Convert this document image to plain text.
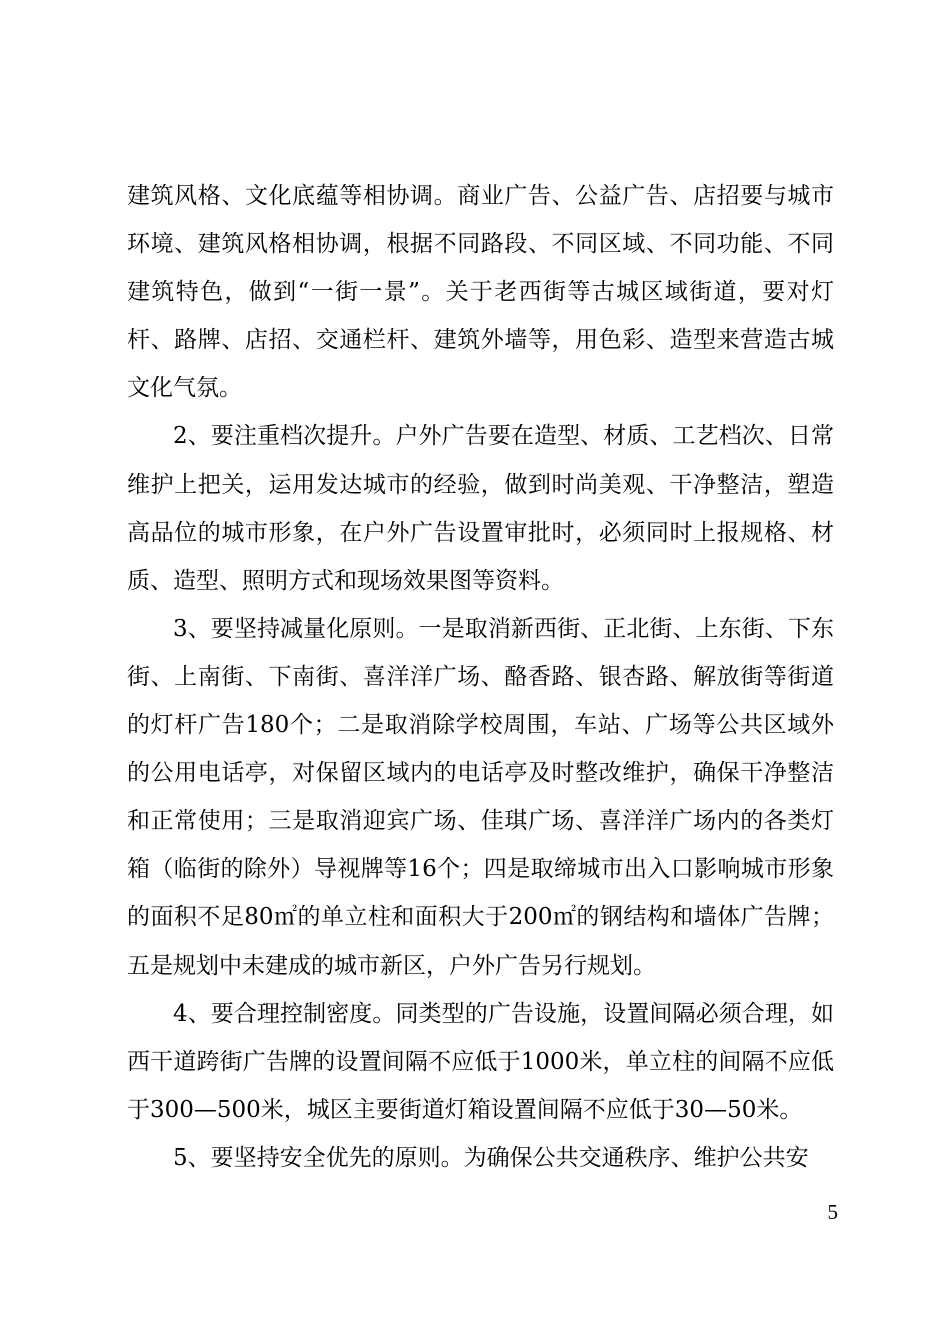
建筑风格、文化底蕴等相协调。商业广告、公益广告、店招要与城市环境、建筑风格相协调，根据不同路段、不同区域、不同功能、不同建筑特色，做到“一街一景”。关于老西街等古城区域街道，要对灯杆、路牌、店招、交通栏杆、建筑外墙等，用色彩、造型来营造古城文化气氛。

2、要注重档次提升。户外广告要在造型、材质、工艺档次、日常维护上把关，运用发达城市的经验，做到时尚美观、干净整洁，塑造高品位的城市形象，在户外广告设置审批时，必须同时上报规格、材质、造型、照明方式和现场效果图等资料。

3、要坚持减量化原则。一是取消新西街、正北街、上东街、下东街、上南街、下南街、喜洋洋广场、酪香路、银杏路、解放街等街道的灯杆广告180个；二是取消除学校周围，车站、广场等公共区域外的公用电话亭，对保留区域内的电话亭及时整改维护，确保干净整洁和正常使用；三是取消迎宾广场、佳琪广场、喜洋洋广场内的各类灯箱（临街的除外）导视牌等16个；四是取缔城市出入口影响城市形象的面积不足80㎡的单立柱和面积大于200㎡的钢结构和墙体广告牌；五是规划中未建成的城市新区，户外广告另行规划。

4、要合理控制密度。同类型的广告设施，设置间隔必须合理，如西干道跨街广告牌的设置间隔不应低于1000米，单立柱的间隔不应低于300—500米，城区主要街道灯箱设置间隔不应低于30—50米。

5、要坚持安全优先的原则。为确保公共交通秩序、维护公共安

5
